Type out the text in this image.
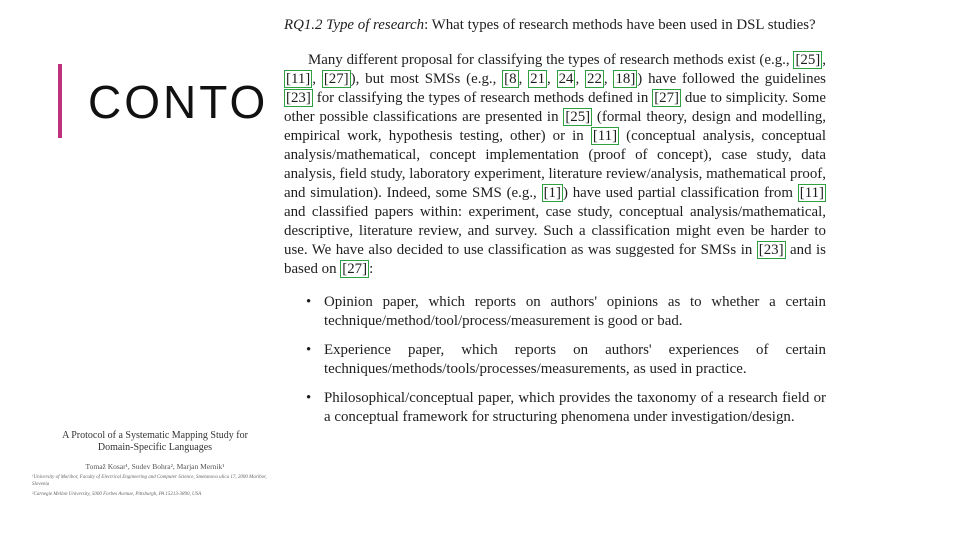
CONTO

RQ1.2 Type of research: What types of research methods have been used in DSL studies?

Many different proposal for classifying the types of research methods exist (e.g., [25] , [11] , [27] ), but most SMSs (e.g., [8 , 21 , 24 , 22 , 18] ) have followed the guidelines [23] for classifying the types of research methods defined in [27] due to simplicity. Some other possible classifications are presented in [25] (formal theory, design and modelling, empirical work, hypothesis testing, other) or in [11] (conceptual analysis, conceptual analysis/mathematical, concept implementation (proof of concept), case study, data analysis, field study, laboratory experiment, literature review/analysis, mathematical proof, and simulation). Indeed, some SMS (e.g., [1] ) have used partial classification from [11] and classified papers within: experiment, case study, conceptual analysis/mathematical, descriptive, literature review, and survey. Such a classification might even be harder to use. We have also decided to use classification as was suggested for SMSs in [23] and is based on [27] :

• Opinion paper, which reports on authors' opinions as to whether a certain technique/method/tool/process/measurement is good or bad.
• Experience paper, which reports on authors' experiences of certain techniques/methods/tools/processes/measurements, as used in practice.
• Philosophical/conceptual paper, which provides the taxonomy of a research field or a conceptual framework for structuring phenomena under investigation/design.
A Protocol of a Systematic Mapping Study for
Domain-Specific Languages
Tomaž Kosar¹, Sudev Bohra², Marjan Mernik¹
¹University of Maribor, Faculty of Electrical Engineering and Computer Science, Smetanova ulica 17, 2000 Maribor, Slovenia
²Carnegie Mellon University, 5000 Forbes Avenue, Pittsburgh, PA 15213-3890, USA
